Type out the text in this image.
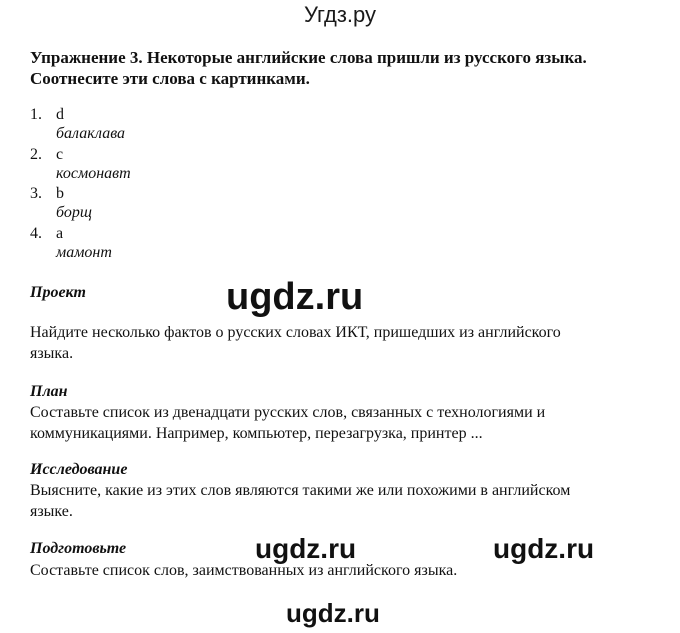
Угдз.ру
Упражнение 3. Некоторые английские слова пришли из русского языка.
Соотнесите эти слова с картинками.
1. d
балаклава
2. c
космонавт
3. b
борщ
4. a
мамонт
Проект	ugdz.ru
Найдите несколько фактов о русских словах ИКТ, пришедших из английского
языка.
План
Составьте список из двенадцати русских слов, связанных с технологиями и
коммуникациями. Например, компьютер, перезагрузка, принтер ...
Исследование
Выясните, какие из этих слов являются такими же или похожими в английском
языке.
Подготовьте	ugdz.ru	ugdz.ru
Составьте список слов, заимствованных из английского языка.
ugdz.ru
